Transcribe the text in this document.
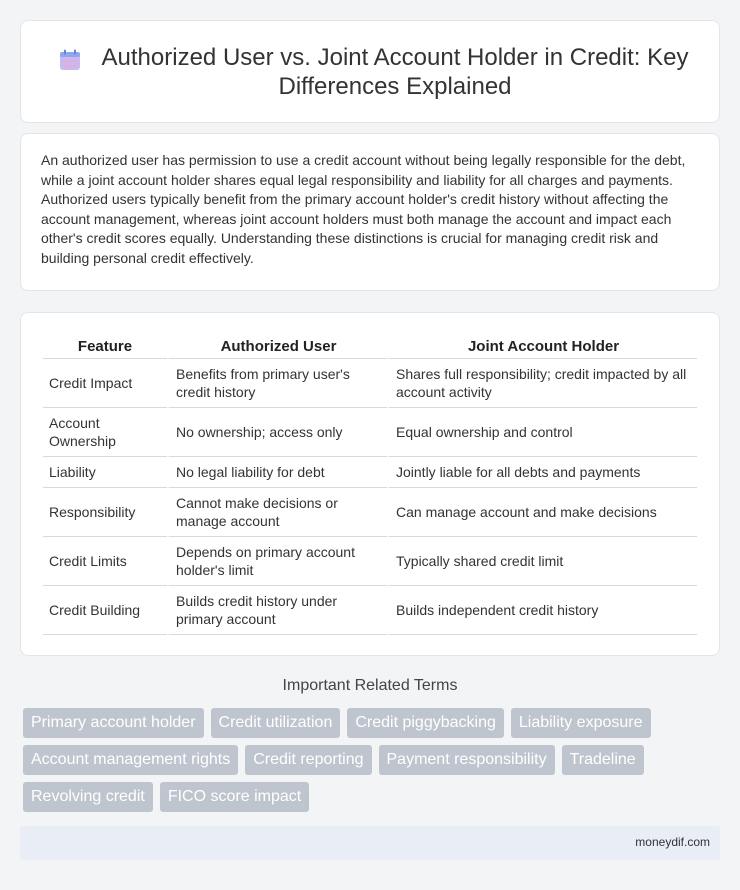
Authorized User vs. Joint Account Holder in Credit: Key Differences Explained

An authorized user has permission to use a credit account without being legally responsible for the debt, while a joint account holder shares equal legal responsibility and liability for all charges and payments. Authorized users typically benefit from the primary account holder's credit history without affecting the account management, whereas joint account holders must both manage the account and impact each other's credit scores equally. Understanding these distinctions is crucial for managing credit risk and building personal credit effectively.

Feature	Authorized User	Joint Account Holder
Credit Impact	Benefits from primary user's credit history	Shares full responsibility; credit impacted by all account activity
Account Ownership	No ownership; access only	Equal ownership and control
Liability	No legal liability for debt	Jointly liable for all debts and payments
Responsibility	Cannot make decisions or manage account	Can manage account and make decisions
Credit Limits	Depends on primary account holder's limit	Typically shared credit limit
Credit Building	Builds credit history under primary account	Builds independent credit history
Important Related Terms
Primary account holder	Credit utilization	Credit piggybacking	Liability exposure
Account management rights	Credit reporting	Payment responsibility	Tradeline
Revolving credit	FICO score impact
moneydif.com
